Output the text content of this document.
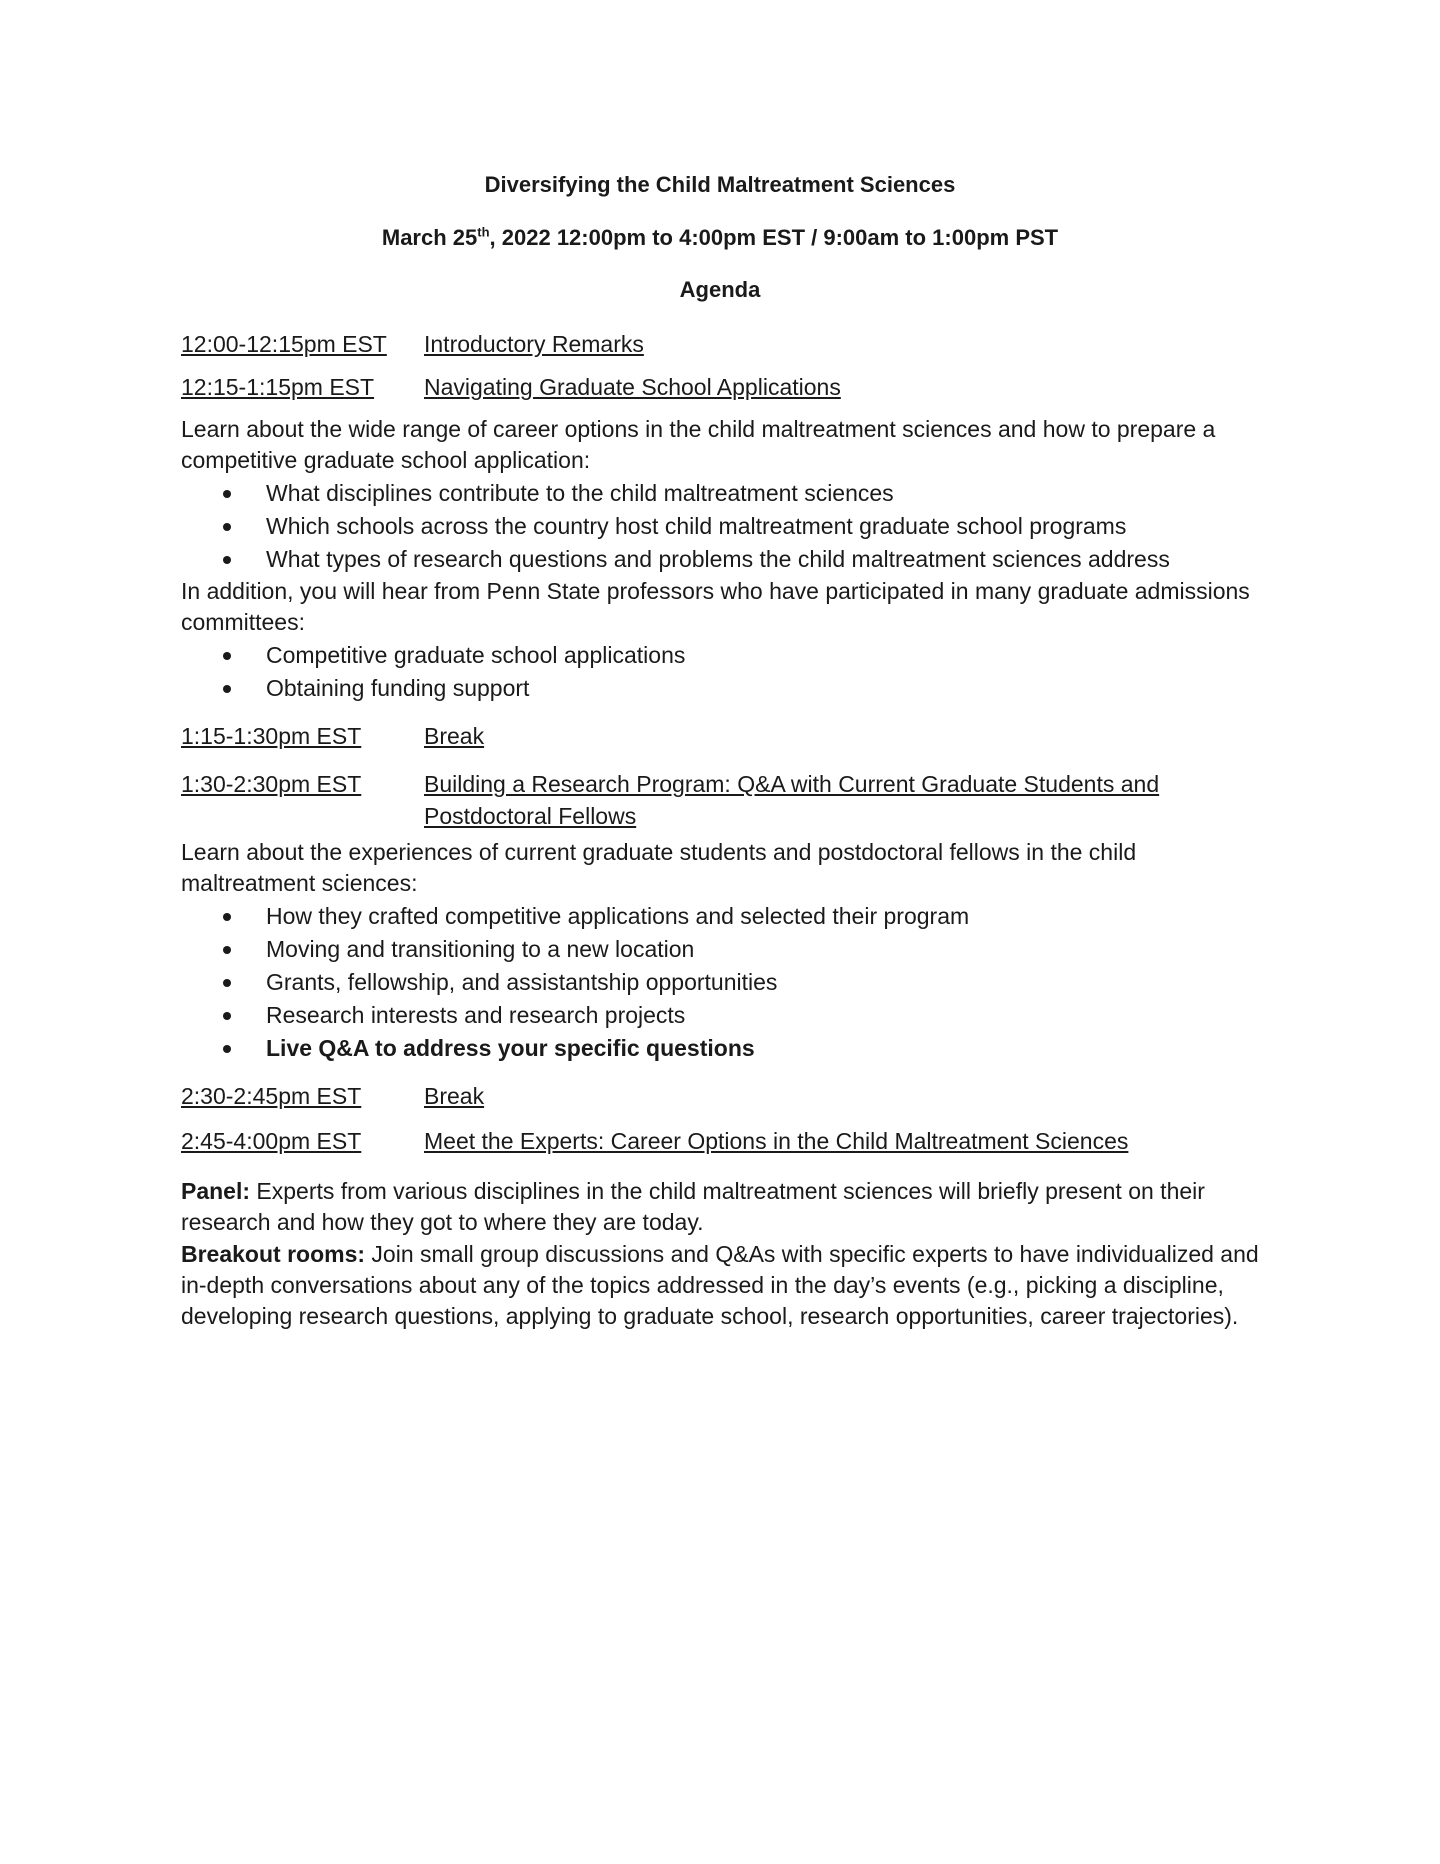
Diversifying the Child Maltreatment Sciences
March 25th, 2022 12:00pm to 4:00pm EST / 9:00am to 1:00pm PST
Agenda
12:00-12:15pm EST Introductory Remarks
12:15-1:15pm EST Navigating Graduate School Applications
Learn about the wide range of career options in the child maltreatment sciences and how to prepare a competitive graduate school application:
What disciplines contribute to the child maltreatment sciences
Which schools across the country host child maltreatment graduate school programs
What types of research questions and problems the child maltreatment sciences address
In addition, you will hear from Penn State professors who have participated in many graduate admissions committees:
Competitive graduate school applications
Obtaining funding support
1:15-1:30pm EST	Break
1:30-2:30pm EST	Building a Research Program: Q&A with Current Graduate Students and Postdoctoral Fellows
Learn about the experiences of current graduate students and postdoctoral fellows in the child maltreatment sciences:
How they crafted competitive applications and selected their program
Moving and transitioning to a new location
Grants, fellowship, and assistantship opportunities
Research interests and research projects
Live Q&A to address your specific questions
2:30-2:45pm EST	Break
2:45-4:00pm EST	Meet the Experts: Career Options in the Child Maltreatment Sciences
Panel: Experts from various disciplines in the child maltreatment sciences will briefly present on their research and how they got to where they are today.
Breakout rooms: Join small group discussions and Q&As with specific experts to have individualized and in-depth conversations about any of the topics addressed in the day’s events (e.g., picking a discipline, developing research questions, applying to graduate school, research opportunities, career trajectories).
